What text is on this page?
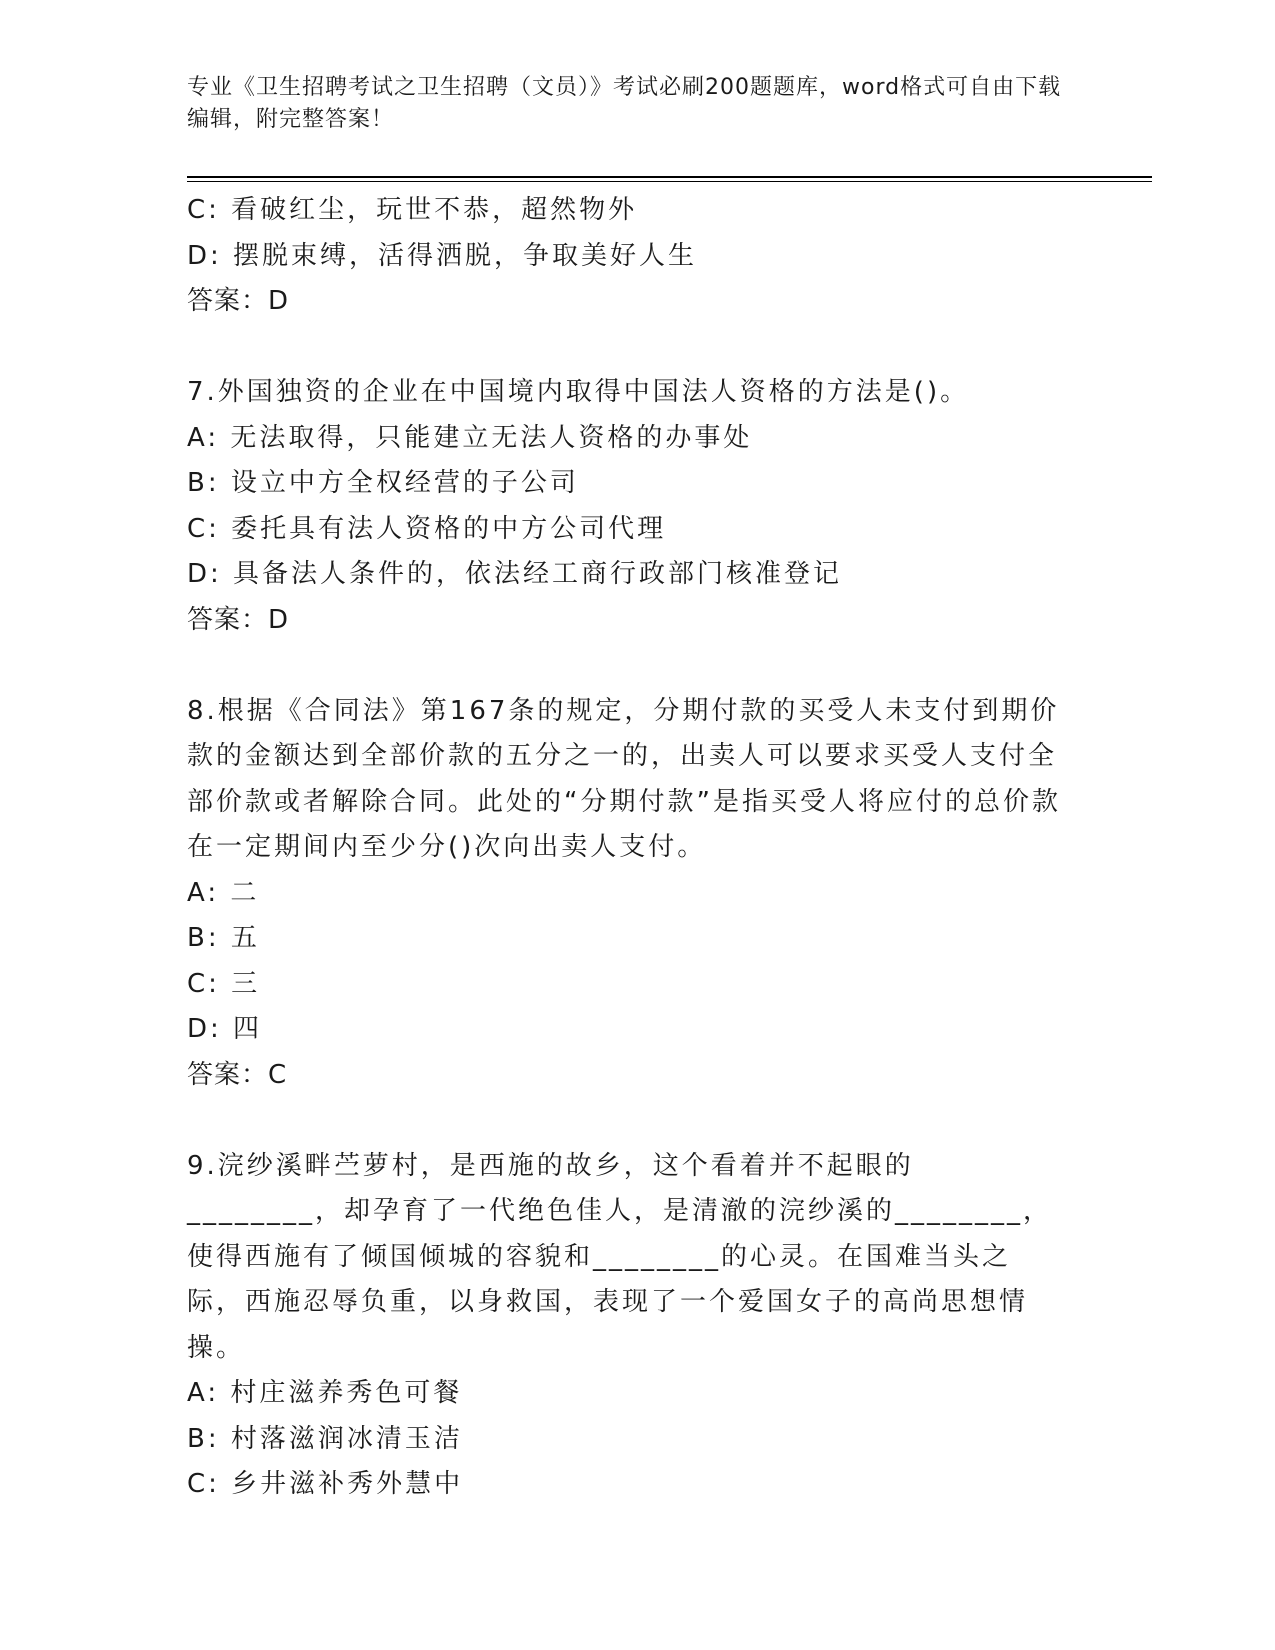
专业《卫生招聘考试之卫生招聘（文员）》考试必刷200题题库，word格式可自由下载编辑，附完整答案！
C: 看破红尘，玩世不恭，超然物外
D: 摆脱束缚，活得洒脱，争取美好人生
答案：D
7.外国独资的企业在中国境内取得中国法人资格的方法是()。
A: 无法取得，只能建立无法人资格的办事处
B: 设立中方全权经营的子公司
C: 委托具有法人资格的中方公司代理
D: 具备法人条件的，依法经工商行政部门核准登记
答案：D
8.根据《合同法》第167条的规定，分期付款的买受人未支付到期价款的金额达到全部价款的五分之一的，出卖人可以要求买受人支付全部价款或者解除合同。此处的“分期付款”是指买受人将应付的总价款在一定期间内至少分()次向出卖人支付。
A: 二
B: 五
C: 三
D: 四
答案：C
9.浣纱溪畔苎萝村，是西施的故乡，这个看着并不起眼的________，却孕育了一代绝色佳人，是清澈的浣纱溪的________，使得西施有了倾国倾城的容貌和________的心灵。在国难当头之际，西施忍辱负重，以身救国，表现了一个爱国女子的高尚思想情操。
A: 村庄滋养秀色可餐
B: 村落滋润冰清玉洁
C: 乡井滋补秀外慧中
